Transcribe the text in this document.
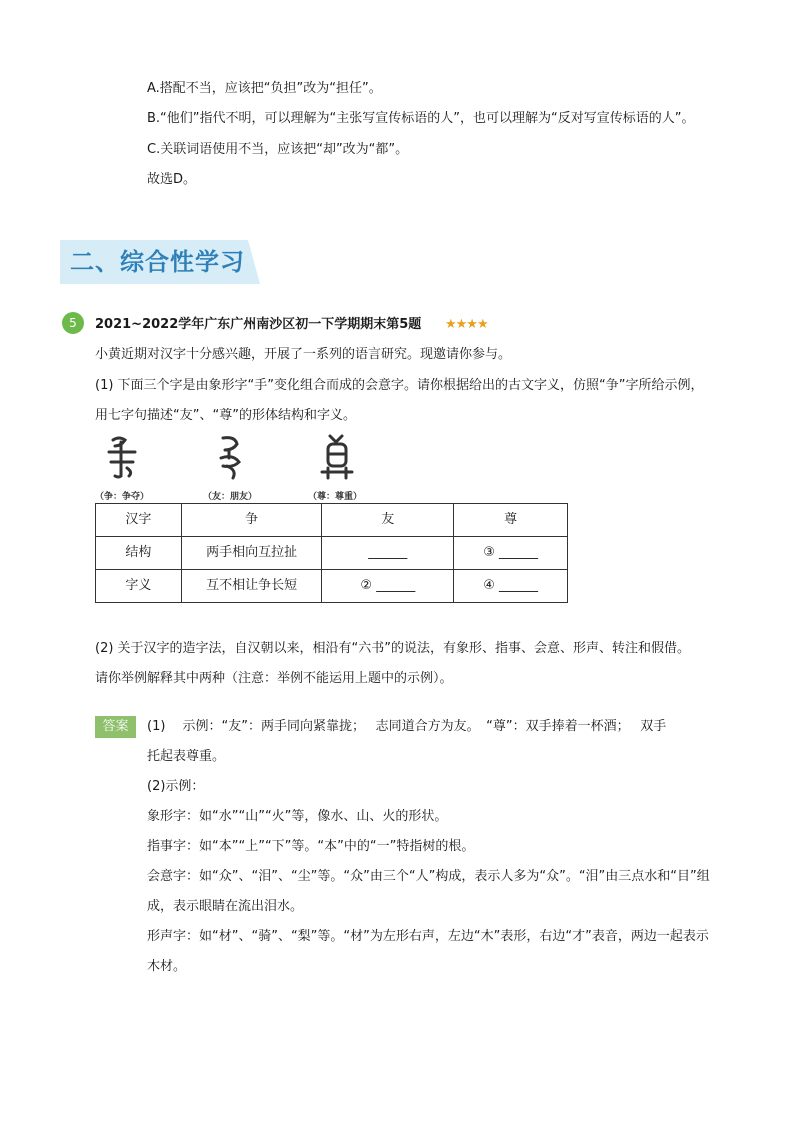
A.搭配不当，应该把“负担”改为“担任”。
B.“他们”指代不明，可以理解为“主张写宣传标语的人”，也可以理解为“反对写宣传标语的人”。
C.关联词语使用不当，应该把“却”改为“都”。
故选D。
二、综合性学习
5	2021~2022学年广东广州南沙区初一下学期期末第5题 ★★★★
小黄近期对汉字十分感兴趣，开展了一系列的语言研究。现邀请你参与。
(1) 下面三个字是由象形字“手”变化组合而成的会意字。请你根据给出的古文字义，仿照“争”字所给示例，
用七字句描述“友”、“尊”的形体结构和字义。
（争：争夺）	（友：朋友）	（尊：尊重）
汉字	争	友	尊
结构	两手相向互拉扯	______	③ ______
字义	互不相让争长短	② ______	④ ______
(2) 关于汉字的造字法，自汉朝以来，相沿有“六书”的说法，有象形、指事、会意、形声、转注和假借。
请你举例解释其中两种（注意：举例不能运用上题中的示例）。
答案	(1)　 示例：“友”：两手同向紧靠拢；　 志同道合方为友。　“尊”：双手捧着一杯酒；　 双手
托起表尊重。
(2)示例：
象形字：如“水”“山”“火”等，像水、山、火的形状。
指事字：如“本”“上”“下”等。“本”中的“一”特指树的根。
会意字：如“众”、“泪”、“尘”等。“众”由三个“人”构成，表示人多为“众”。“泪”由三点水和“目”组
成，表示眼睛在流出泪水。
形声字：如“材”、“骑”、“梨”等。“材”为左形右声，左边“木”表形，右边“才”表音，两边一起表示
木材。
